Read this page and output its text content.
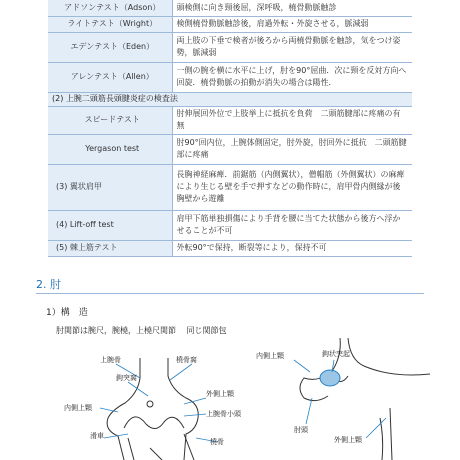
アドソンテスト（Adson）	頭検側に向き頸後屈，深呼吸，橈骨動脈触診
ライトテスト（Wright）	検側橈骨動脈触診後，肩過外転・外旋させる，脈減弱
エデンテスト（Eden）	両上肢の下垂で検者が後ろから両橈骨動脈を触診，気をつけ姿勢，脈減弱
アレンテスト（Allen）	一側の腕を横に水平に上げ，肘を90°屈曲．次に頸を反対方向へ回旋．橈骨動脈の拍動が消失の場合は陽性．
(2) 上腕二頭筋長頭腱炎症の検査法	
スピードテスト	肘伸展回外位で上肢挙上に抵抗を負荷　二頭筋腱部に疼痛の有無
Yergason test	肘90°回内位，上腕体側固定，肘外旋，肘回外に抵抗　二頭筋腱部に疼痛
(3) 翼状肩甲	長胸神経麻痺．前鋸筋（内側翼状），僧帽筋（外側翼状）の麻痺により生じる壁を手で押すなどの動作時に，肩甲骨内側縁が後胸壁から遊離
(4) Lift-off test	肩甲下筋単独損傷により手背を腰に当てた状態から後方へ浮かせることが不可
(5) 棘上筋テスト	外転90°で保持，断裂等により，保持不可
2. 肘
1）構　造
肘関節は腕尺，腕橈，上橈尺関節　 同じ関節包
上腕骨	橈骨窩
鉤突窩
外側上顆
内側上顆
上腕骨小頭
滑車
橈骨
鉤状突起
内側上顆
肘頭
外側上顆
